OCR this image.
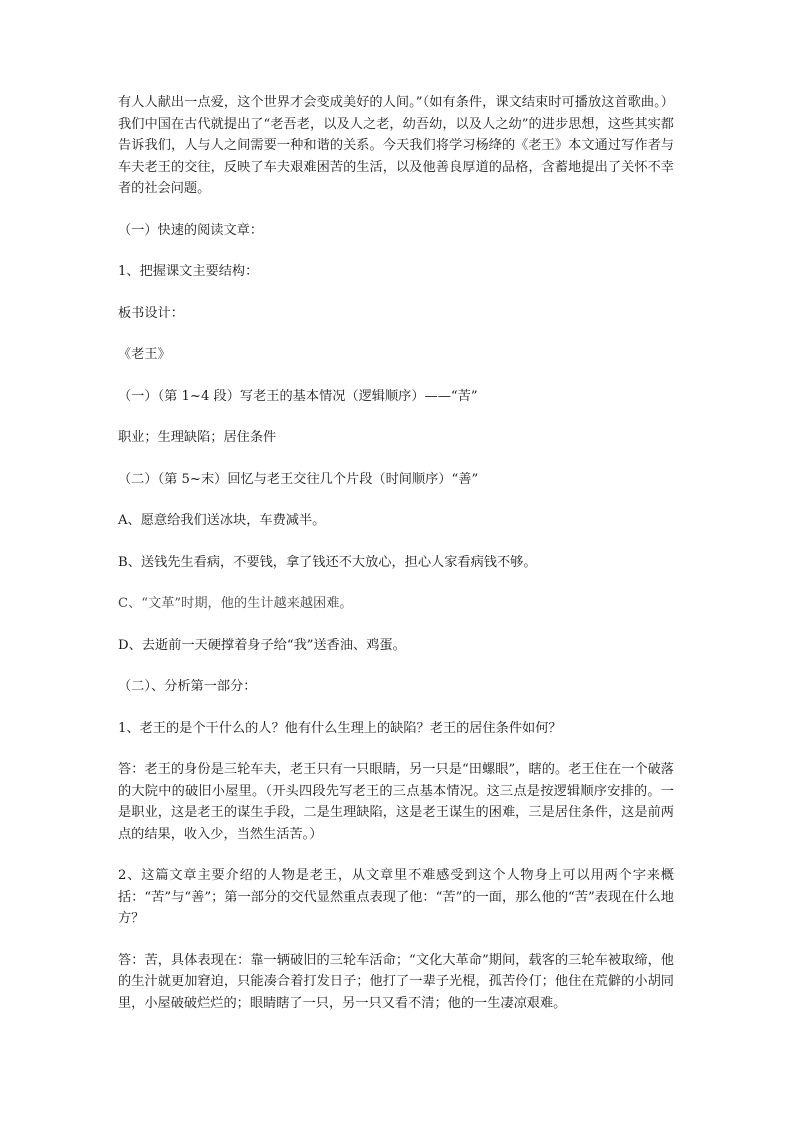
有人人献出一点爱，这个世界才会变成美好的人间。”（如有条件，课文结束时可播放这首歌曲。）我们中国在古代就提出了“老吾老，以及人之老，幼吾幼，以及人之幼”的进步思想，这些其实都告诉我们，人与人之间需要一种和谐的关系。今天我们将学习杨绛的《老王》本文通过写作者与车夫老王的交往，反映了车夫艰难困苦的生活，以及他善良厚道的品格，含蓄地提出了关怀不幸者的社会问题。

（一）快速的阅读文章：

1、把握课文主要结构：

板书设计：

《老王》

（一）（第 1~4 段）写老王的基本情况（逻辑顺序）——“苦”

职业；生理缺陷；居住条件

（二）（第 5~末）回忆与老王交往几个片段（时间顺序）“善”

A、愿意给我们送冰块，车费减半。

B、送钱先生看病，不要钱，拿了钱还不大放心，担心人家看病钱不够。

C、“文革”时期，他的生计越来越困难。

D、去逝前一天硬撑着身子给“我”送香油、鸡蛋。

（二）、分析第一部分：

1、老王的是个干什么的人？他有什么生理上的缺陷？老王的居住条件如何？

答：老王的身份是三轮车夫，老王只有一只眼睛，另一只是“田螺眼”，瞎的。老王住在一个破落的大院中的破旧小屋里。（开头四段先写老王的三点基本情况。这三点是按逻辑顺序安排的。一是职业，这是老王的谋生手段，二是生理缺陷，这是老王谋生的困难，三是居住条件，这是前两点的结果，收入少，当然生活苦。）

2、这篇文章主要介绍的人物是老王，从文章里不难感受到这个人物身上可以用两个字来概括：“苦”与“善”；第一部分的交代显然重点表现了他：“苦”的一面，那么他的“苦”表现在什么地方？

答：苦，具体表现在：靠一辆破旧的三轮车活命；“文化大革命”期间，载客的三轮车被取缔，他的生汁就更加窘迫，只能凑合着打发日子；他打了一辈子光棍，孤苦伶仃；他住在荒僻的小胡同里，小屋破破烂烂的；眼睛瞎了一只，另一只又看不清；他的一生凄凉艰难。
